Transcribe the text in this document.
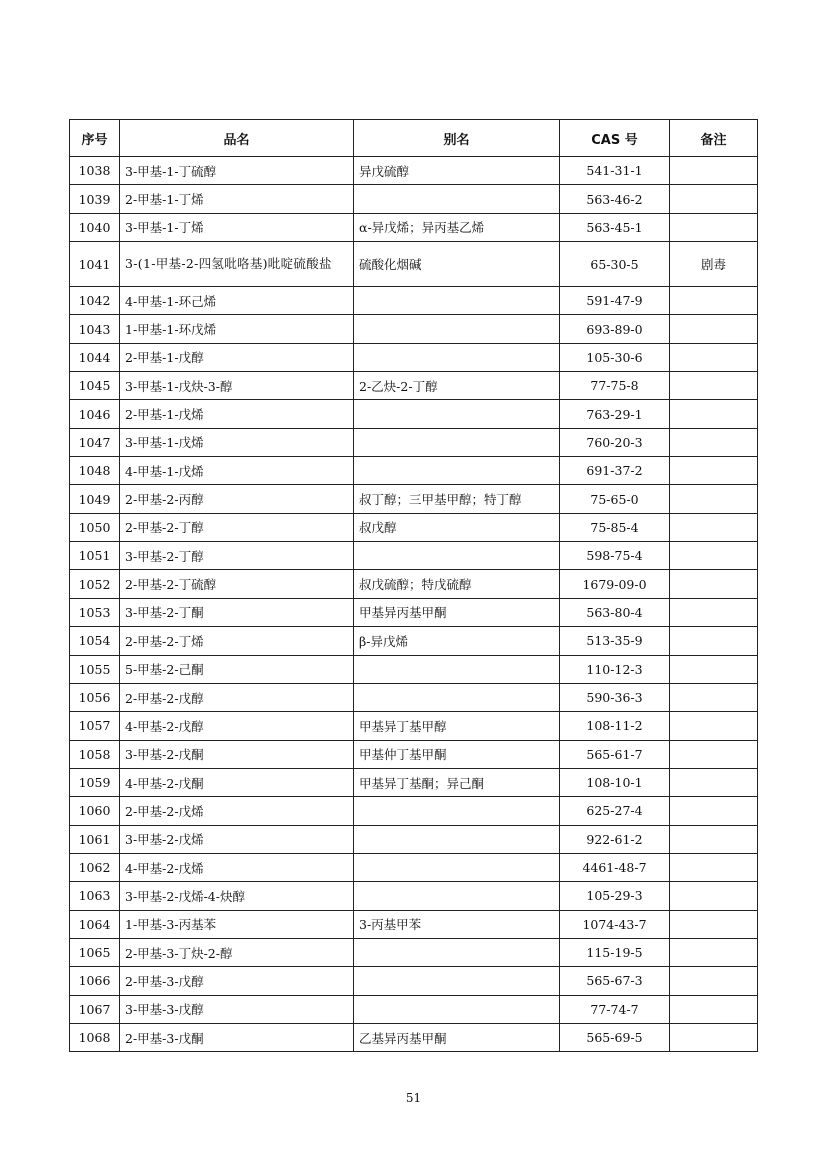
序号	品名	别名	CAS 号	备注
1038	3-甲基-1-丁硫醇	异戊硫醇	541-31-1	
1039	2-甲基-1-丁烯		563-46-2	
1040	3-甲基-1-丁烯	α-异戊烯；异丙基乙烯	563-45-1	
1041	3-(1-甲基-2-四氢吡咯基)吡啶硫酸盐	硫酸化烟碱	65-30-5	剧毒
1042	4-甲基-1-环己烯		591-47-9	
1043	1-甲基-1-环戊烯		693-89-0	
1044	2-甲基-1-戊醇		105-30-6	
1045	3-甲基-1-戊炔-3-醇	2-乙炔-2-丁醇	77-75-8	
1046	2-甲基-1-戊烯		763-29-1	
1047	3-甲基-1-戊烯		760-20-3	
1048	4-甲基-1-戊烯		691-37-2	
1049	2-甲基-2-丙醇	叔丁醇；三甲基甲醇；特丁醇	75-65-0	
1050	2-甲基-2-丁醇	叔戊醇	75-85-4	
1051	3-甲基-2-丁醇		598-75-4	
1052	2-甲基-2-丁硫醇	叔戊硫醇；特戊硫醇	1679-09-0	
1053	3-甲基-2-丁酮	甲基异丙基甲酮	563-80-4	
1054	2-甲基-2-丁烯	β-异戊烯	513-35-9	
1055	5-甲基-2-己酮		110-12-3	
1056	2-甲基-2-戊醇		590-36-3	
1057	4-甲基-2-戊醇	甲基异丁基甲醇	108-11-2	
1058	3-甲基-2-戊酮	甲基仲丁基甲酮	565-61-7	
1059	4-甲基-2-戊酮	甲基异丁基酮；异己酮	108-10-1	
1060	2-甲基-2-戊烯		625-27-4	
1061	3-甲基-2-戊烯		922-61-2	
1062	4-甲基-2-戊烯		4461-48-7	
1063	3-甲基-2-戊烯-4-炔醇		105-29-3	
1064	1-甲基-3-丙基苯	3-丙基甲苯	1074-43-7	
1065	2-甲基-3-丁炔-2-醇		115-19-5	
1066	2-甲基-3-戊醇		565-67-3	
1067	3-甲基-3-戊醇		77-74-7	
1068	2-甲基-3-戊酮	乙基异丙基甲酮	565-69-5	
51
